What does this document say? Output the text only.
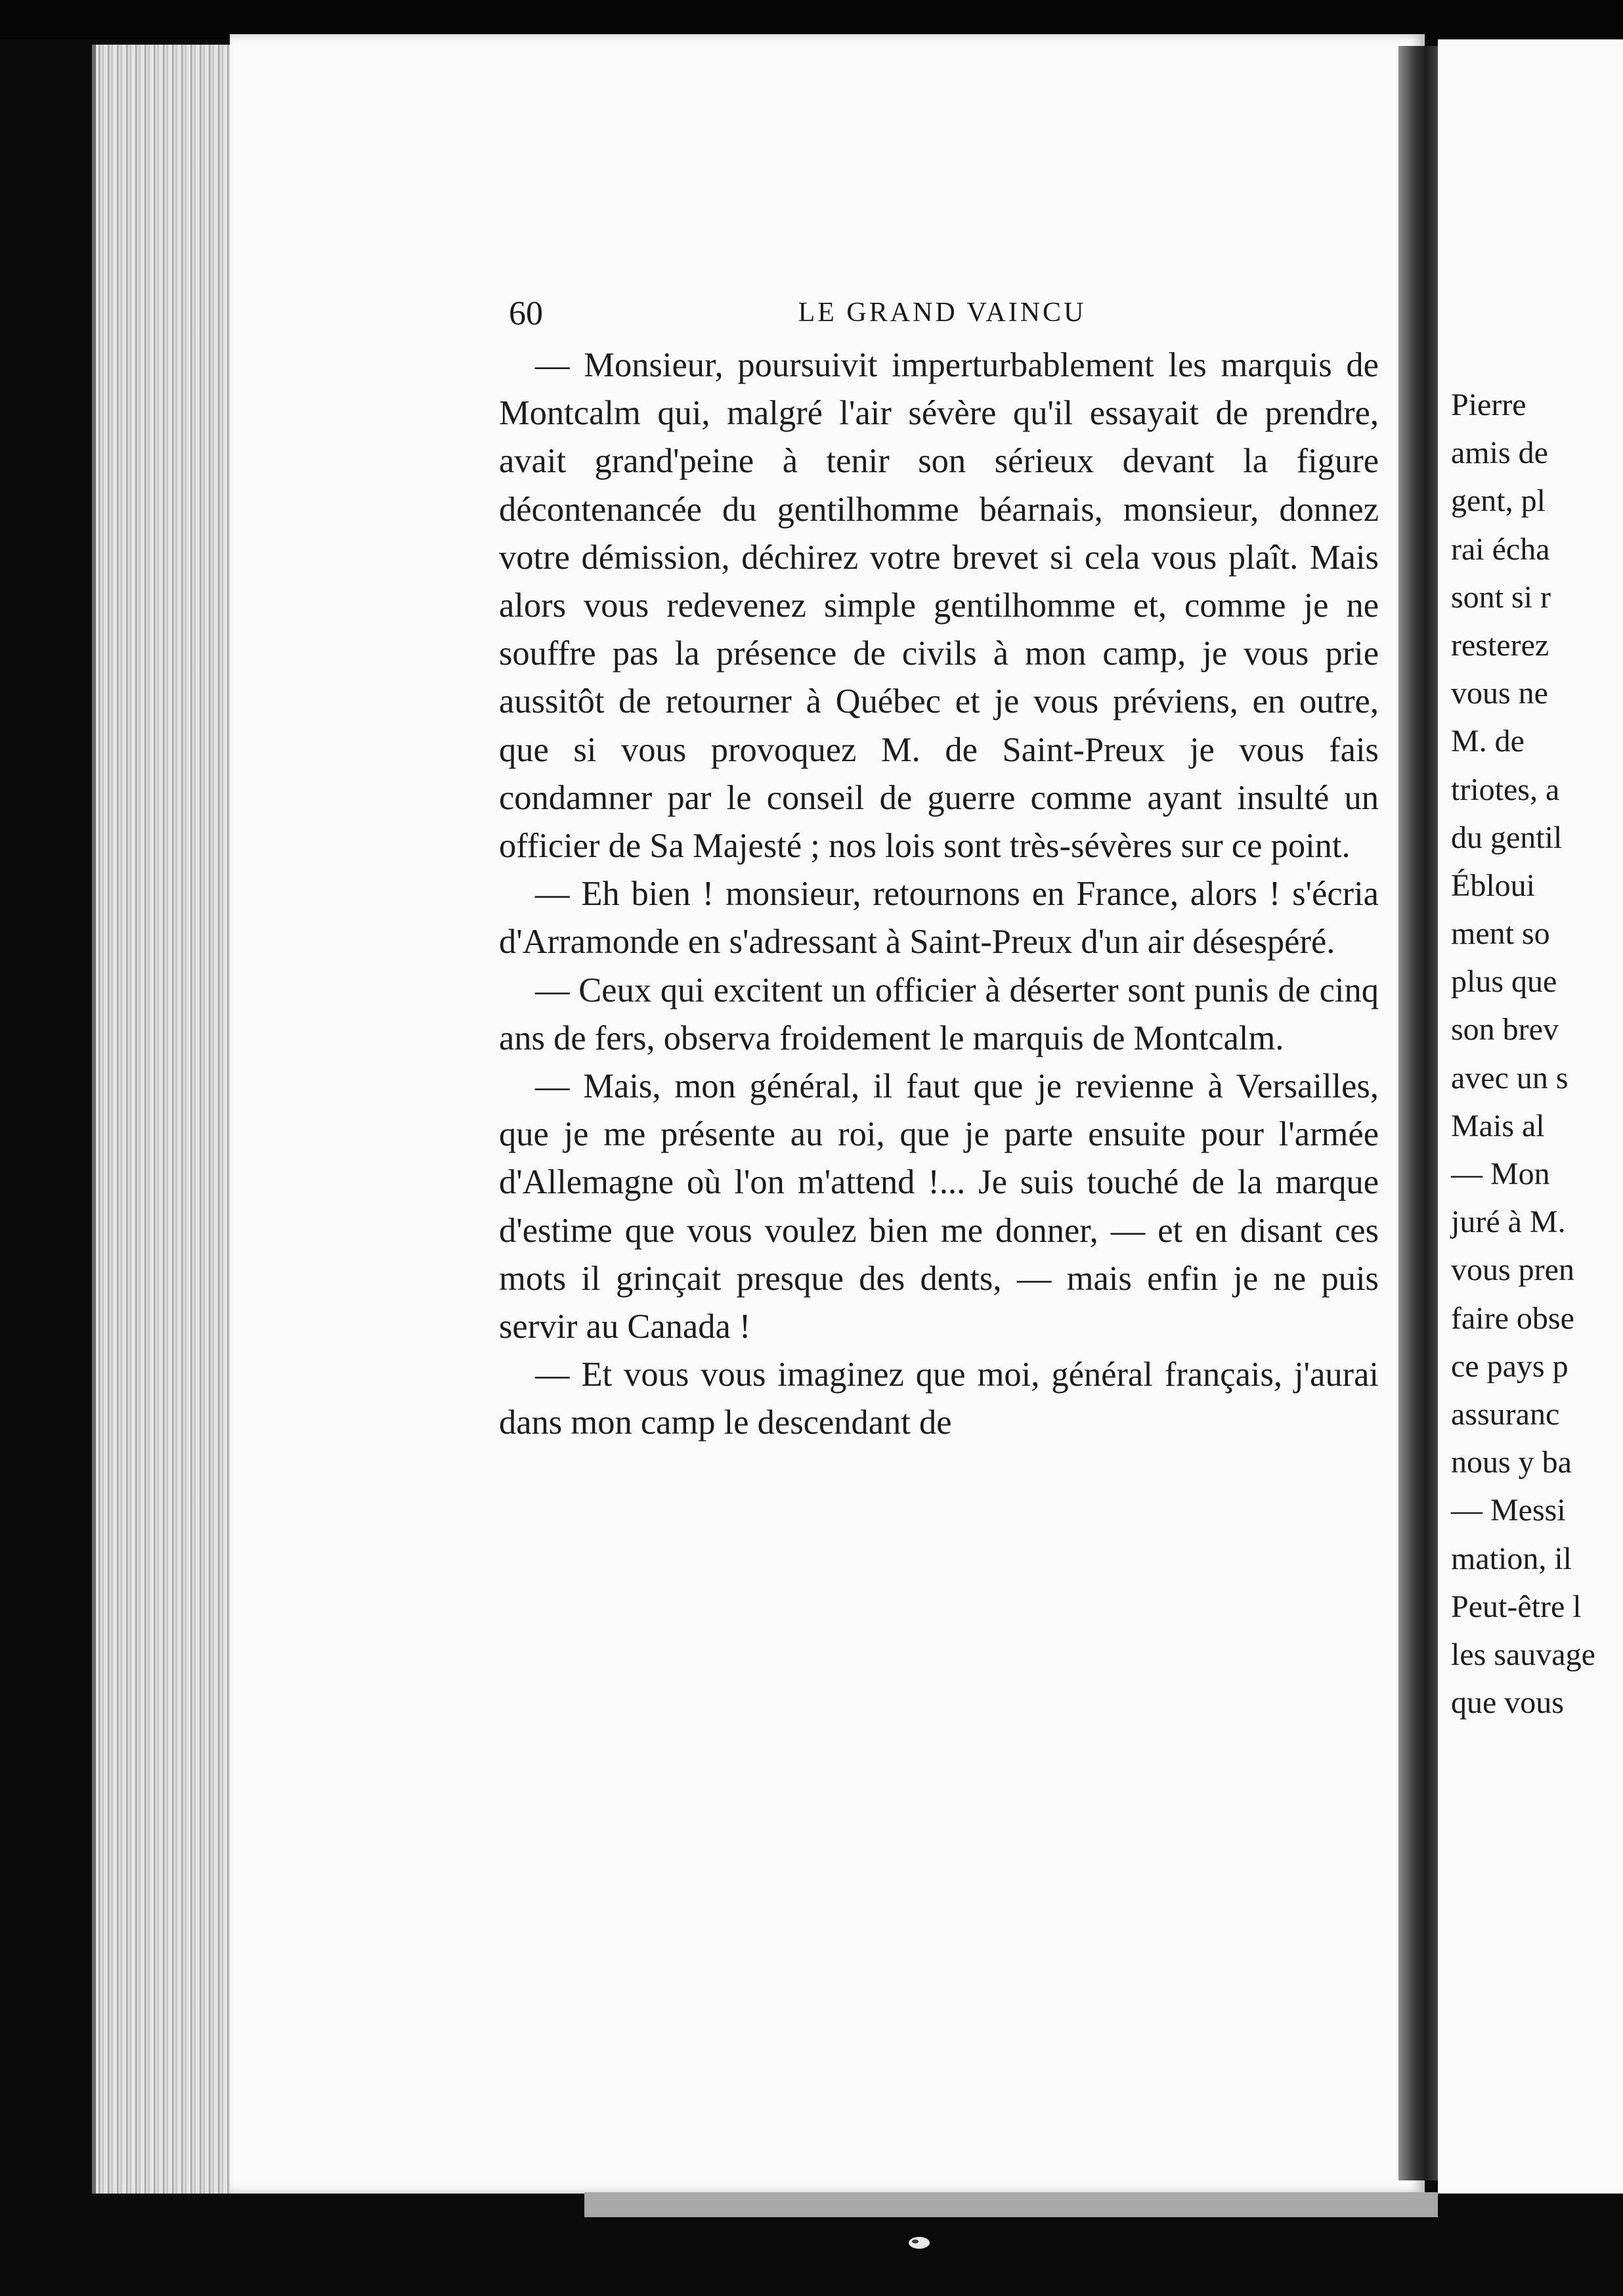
60	LE GRAND VAINCU

— Monsieur, poursuivit imperturbablement les marquis de Montcalm qui, malgré l'air sévère qu'il essayait de prendre, avait grand'peine à tenir son sérieux devant la figure décontenancée du gentilhomme béarnais, monsieur, donnez votre démission, déchirez votre brevet si cela vous plaît. Mais alors vous redevenez simple gentilhomme et, comme je ne souffre pas la présence de civils à mon camp, je vous prie aussitôt de retourner à Québec et je vous préviens, en outre, que si vous provoquez M. de Saint-Preux je vous fais condamner par le conseil de guerre comme ayant insulté un officier de Sa Majesté ; nos lois sont très-sévères sur ce point.

— Eh bien ! monsieur, retournons en France, alors ! s'écria d'Arramonde en s'adressant à Saint-Preux d'un air désespéré.

— Ceux qui excitent un officier à déserter sont punis de cinq ans de fers, observa froidement le marquis de Montcalm.

— Mais, mon général, il faut que je revienne à Versailles, que je me présente au roi, que je parte ensuite pour l'armée d'Allemagne où l'on m'attend !... Je suis touché de la marque d'estime que vous voulez bien me donner, — et en disant ces mots il grinçait presque des dents, — mais enfin je ne puis servir au Canada !

— Et vous vous imaginez que moi, général français, j'aurai dans mon camp le descendant de

Pierre
amis de
gent, pl
rai écha
sont si r
resterez
vous ne
M. de
triotes, a
du gentil
Ébloui
ment so
plus que
son brev
avec un s
Mais al
— Mon
juré à M.
vous pren
faire obse
ce pays p
assuranc
nous y ba
— Messi
mation, il
Peut-être l
les sauvage
que vous
